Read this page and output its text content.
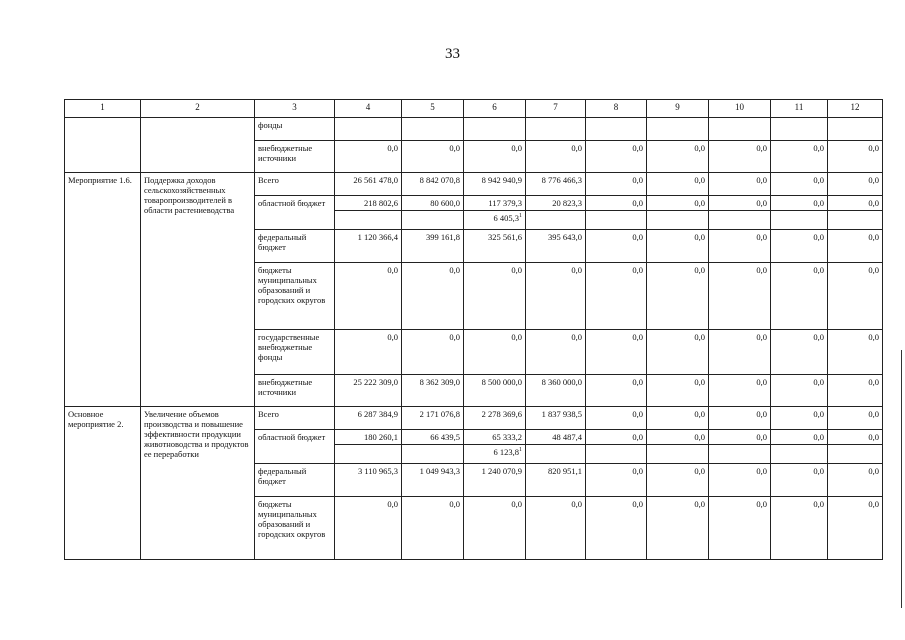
33
1	2	3	4	5	6	7	8	9	10	11	12
		фонды									
		внебюджетные источники	0,0	0,0	0,0	0,0	0,0	0,0	0,0	0,0	0,0
Мероприятие 1.6.	Поддержка доходов сельскохозяйственных товаропроизводителей в области растениеводства	Всего	26 561 478,0	8 842 070,8	8 942 940,9	8 776 466,3	0,0	0,0	0,0	0,0	0,0
		областной бюджет	218 802,6	80 600,0	117 379,3	20 823,3	0,0	0,0	0,0	0,0	0,0
					6 405,3$^1$						
		федеральный бюджет	1 120 366,4	399 161,8	325 561,6	395 643,0	0,0	0,0	0,0	0,0	0,0
		бюджеты муниципальных образований и городских округов	0,0	0,0	0,0	0,0	0,0	0,0	0,0	0,0	0,0
		государственные внебюджетные фонды	0,0	0,0	0,0	0,0	0,0	0,0	0,0	0,0	0,0
		внебюджетные источники	25 222 309,0	8 362 309,0	8 500 000,0	8 360 000,0	0,0	0,0	0,0	0,0	0,0
Основное мероприятие 2.	Увеличение объемов производства и повышение эффективности продукции животноводства и продуктов ее переработки	Всего	6 287 384,9	2 171 076,8	2 278 369,6	1 837 938,5	0,0	0,0	0,0	0,0	0,0
		областной бюджет	180 260,1	66 439,5	65 333,2	48 487,4	0,0	0,0	0,0	0,0	0,0
					6 123,8$^1$						
		федеральный бюджет	3 110 965,3	1 049 943,3	1 240 070,9	820 951,1	0,0	0,0	0,0	0,0	0,0
		бюджеты муниципальных образований и городских округов	0,0	0,0	0,0	0,0	0,0	0,0	0,0	0,0	0,0
